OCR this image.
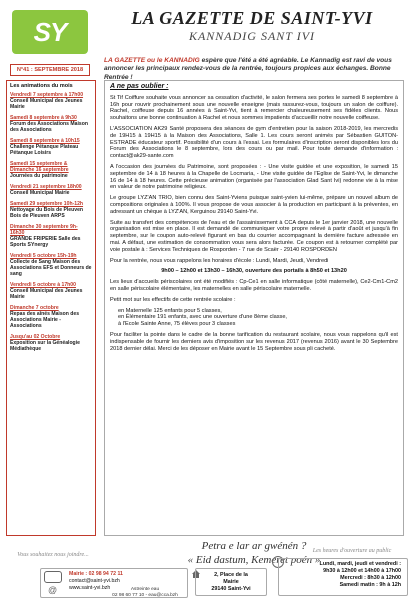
SY
N°41 : SEPTEMBRE 2018
LA GAZETTE DE SAINT-YVI
KANNADIG SANT IVI
LA GAZETTE ou le KANNADIG espère que l'été a été agréable. Le Kannadig est ravi de vous annoncer les principaux rendez-vous de la rentrée, toujours propices aux échanges. Bonne Rentrée !
Les animations du mois
Vendredi 7 septembre à 17h00
Conseil Municipal des Jeunes Mairie
Samedi 8 septembre à 9h30
Forum des Associations Maison des Associations
Samedi 8 septembre à 10h15
Challenge Pétanque Plateau Pétanque Loisirs
Samedi 15 septembre & Dimanche 16 septembre
Journées du patrimoine
Vendredi 21 septembre 18h00
Conseil Municipal Mairie
Samedi 29 septembre 10h-12h
Nettoyage du Bois de Pleuven Bois de Pleuven ARPS
Dimanche 30 septembre 9h-16h30
GRANDE FRIPERIE Salle des Sports SYnergy
Vendredi 5 octobre 15h-19h
Collecte de Sang Maison des Associations EFS et Donneurs de sang
Vendredi 5 octobre à 17h00
Conseil Municipal des Jeunes Mairie
Dimanche 7 octobre
Repas des aînés Maison des Associations Mairie - Associations
Jusqu'au 02 Octobre
Exposition sur la Généalogie Médiathèque
A ne pas oublier :
St Tif Coiffure souhaite vous annoncer sa cessation d'activité, le salon fermera ses portes le samedi 8 septembre à 16h pour rouvrir prochainement sous une nouvelle enseigne (mais rassurez-vous, toujours un salon de coiffure). Rachel, coiffeuse depuis 16 années à Saint-Yvi, tient à remercier chaleureusement ses fidèles clients. Nous souhaitons une bonne continuation à Rachel et nous sommes impatients d'accueillir notre nouvelle coiffeuse.
L'ASSOCIATION AK29 Santé proposera des séances de gym d'entretien pour la saison 2018-2019, les mercredis de 19H15 à 19H15 à la Maison des Associations, Salle 1. Les cours seront animés par Sébastien GUITON-ESTRADE éducateur sportif. Possibilité d'un cours à l'essai. Les formulaires d'inscription seront disponibles lors du Forum des Associations le 8 septembre, lors des cours ou par mail. Pour toute demande d'information : contact@ak29-sante.com
A l'occasion des journées du Patrimoine, sont proposées : - Une visite guidée et une exposition, le samedi 15 septembre de 14 à 18 heures à la Chapelle de Locmaria, - Une visite guidée de l'Eglise de Saint-Yvi, le dimanche 16 de 14 à 18 heures. Cette précieuse animation (organisée par l'association Glad Sant Ivi) redonne vie à la mise en valeur de notre patrimoine religieux.
Le groupe LYZ'AN TRIO, bien connu des Saint-Yviens puisque saint-yvien lui-même, prépare un nouvel album de compositions originales à 100%. Il vous propose de vous associer à la production en participant à la préventes, en adressant un chèque à LYZ'AN, Kerguinou 29140 Saint-Yvi.
Suite au transfert des compétences de l'eau et de l'assainissement à CCA depuis le 1er janvier 2018, une nouvelle organisation est mise en place. Il est demandé de communiquer votre propre relevé à partir d'août et jusqu'à fin septembre, sur le coupon auto-relevé figurant en bas du courrier accompagnant la dernière facture adressée en mai. A défaut, une estimation de consommation vous sera alors facturée. Ce coupon est à retourner complété par voie postale à : Services Techniques de Rosporden - 7 rue de Scaër - 29140 ROSPORDEN
Pour la rentrée, nous vous rappelons les horaires d'école : Lundi, Mardi, Jeudi, Vendredi
9h00 – 12h00 et 13h30 – 16h30, ouverture des portails à 8h50 et 13h20
Les lieux d'accueils périscolaires ont été modifiés : Cp-Ce1 en salle informatique (côté maternelle), Ce2-Cm1-Cm2 en salle périscolaire élémentaire, les maternelles en salle périscolaire maternelle.
Petit mot sur les effectifs de cette rentrée scolaire :
en Maternelle 125 enfants pour 5 classes,
en Élémentaire 191 enfants, avec une ouverture d'une 8ème classe,
à l'Ecole Sainte Anne, 75 élèves pour 3 classes
Pour faciliter la pointe dans le cadre de la bonne tarification du restaurant scolaire, nous vous rappelons qu'il est indispensable de fournir les derniers avis d'imposition sur les revenus 2017 (revenus 2016) avant le 30 Septembre 2018 dernier délai. Merci de les déposer en Mairie avant le 15 Septembre sous pli cacheté.
Petra e lar ar gwénén ?
« Eid dastum, Kemeret poén »
Vous souhaitez nous joindre...
Les heures d'ouverture au public
@
Mairie : 02 98 94 72 11
contact@saint-yvi.bzh
www.saint-yvi.bzh	Astreinte eau
02 98 60 77 10 - eau@cca.bzh
2, Place de la
Mairie
29140 Saint-Yvi
Lundi, mardi, jeudi et vendredi :
9h30 à 12h00 et 14h00 à 17h00
Mercredi : 8h30 à 12h00
Samedi matin : 9h à 12h
